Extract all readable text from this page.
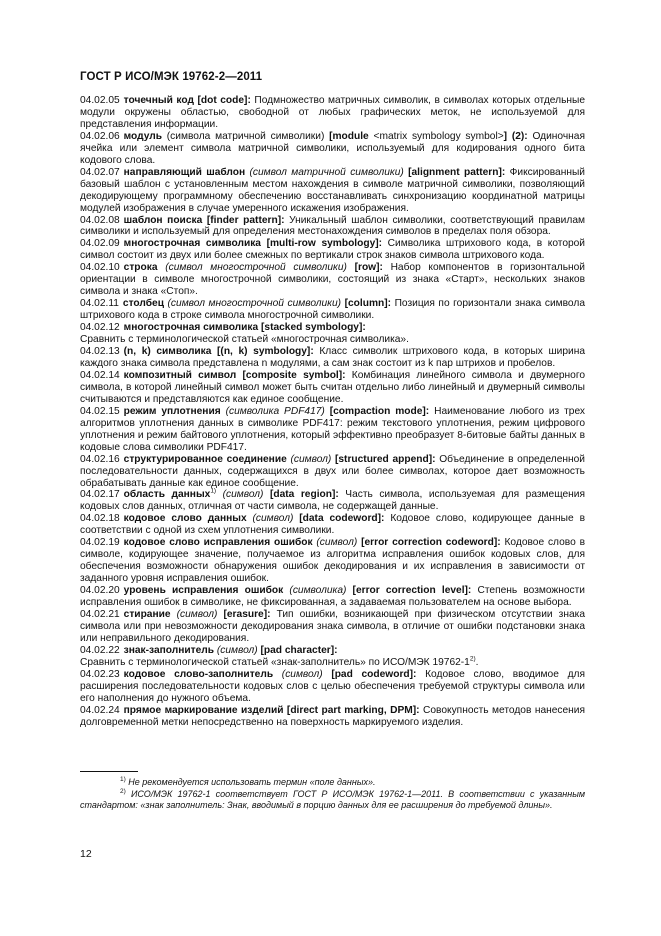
ГОСТ Р ИСО/МЭК 19762-2—2011

04.02.05 точечный код [dot code]: Подмножество матричных символик, в символах которых отдельные модули окружены областью, свободной от любых графических меток, не используемой для представления информации.

04.02.06 модуль (символа матричной символики) [module <matrix symbology symbol>] (2): Одиночная ячейка или элемент символа матричной символики, используемый для кодирования одного бита кодового слова.

04.02.07 направляющий шаблон (символ матричной символики) [alignment pattern]: Фиксированный базовый шаблон с установленным местом нахождения в символе матричной символики, позволяющий декодирующему программному обеспечению восстанавливать синхронизацию координатной матрицы модулей изображения в случае умеренного искажения изображения.

04.02.08 шаблон поиска [finder pattern]: Уникальный шаблон символики, соответствующий правилам символики и используемый для определения местонахождения символов в пределах поля обзора.

04.02.09 многострочная символика [multi-row symbology]: Символика штрихового кода, в которой символ состоит из двух или более смежных по вертикали строк знаков символа штрихового кода.

04.02.10 строка (символ многострочной символики) [row]: Набор компонентов в горизонтальной ориентации в символе многострочной символики, состоящий из знака «Старт», нескольких знаков символа и знака «Стоп».

04.02.11 столбец (символ многострочной символики) [column]: Позиция по горизонтали знака символа штрихового кода в строке символа многострочной символики.

04.02.12 многострочная символика [stacked symbology]:

Сравнить с терминологической статьей «многострочная символика».

04.02.13 (n, k) символика [(n, k) symbology]: Класс символик штрихового кода, в которых ширина каждого знака символа представлена n модулями, а сам знак состоит из k пар штрихов и пробелов.

04.02.14 композитный символ [composite symbol]: Комбинация линейного символа и двумерного символа, в которой линейный символ может быть считан отдельно либо линейный и двумерный символы считываются и представляются как единое сообщение.

04.02.15 режим уплотнения (символика PDF417) [compaction mode]: Наименование любого из трех алгоритмов уплотнения данных в символике PDF417: режим текстового уплотнения, режим цифрового уплотнения и режим байтового уплотнения, который эффективно преобразует 8-битовые байты данных в кодовые слова символики PDF417.

04.02.16 структурированное соединение (символ) [structured append]: Объединение в определенной последовательности данных, содержащихся в двух или более символах, которое дает возможность обрабатывать данные как единое сообщение.

04.02.17 область данных$^{1)}$ (символ) [data region]: Часть символа, используемая для размещения кодовых слов данных, отличная от части символа, не содержащей данные.

04.02.18 кодовое слово данных (символ) [data codeword]: Кодовое слово, кодирующее данные в соответствии с одной из схем уплотнения символики.

04.02.19 кодовое слово исправления ошибок (символ) [error correction codeword]: Кодовое слово в символе, кодирующее значение, получаемое из алгоритма исправления ошибок кодовых слов, для обеспечения возможности обнаружения ошибок декодирования и их исправления в зависимости от заданного уровня исправления ошибок.

04.02.20 уровень исправления ошибок (символика) [error correction level]: Степень возможности исправления ошибок в символике, не фиксированная, а задаваемая пользователем на основе выбора.

04.02.21 стирание (символ) [erasure]: Тип ошибки, возникающей при физическом отсутствии знака символа или при невозможности декодирования знака символа, в отличие от ошибки подстановки знака или неправильного декодирования.

04.02.22 знак-заполнитель (символ) [pad character]:

Сравнить с терминологической статьей «знак-заполнитель» по ИСО/МЭК 19762-1$^{2)}$.

04.02.23 кодовое слово-заполнитель (символ) [pad codeword]: Кодовое слово, вводимое для расширения последовательности кодовых слов с целью обеспечения требуемой структуры символа или его наполнения до нужного объема.

04.02.24 прямое маркирование изделий [direct part marking, DPM]: Совокупность методов нанесения долговременной метки непосредственно на поверхность маркируемого изделия.

$^{1)}$ Не рекомендуется использовать термин «поле данных».

$^{2)}$ ИСО/МЭК 19762-1 соответствует ГОСТ Р ИСО/МЭК 19762-1—2011. В соответствии с указанным стандартом: «знак заполнитель: Знак, вводимый в порцию данных для ее расширения до требуемой длины».

12
